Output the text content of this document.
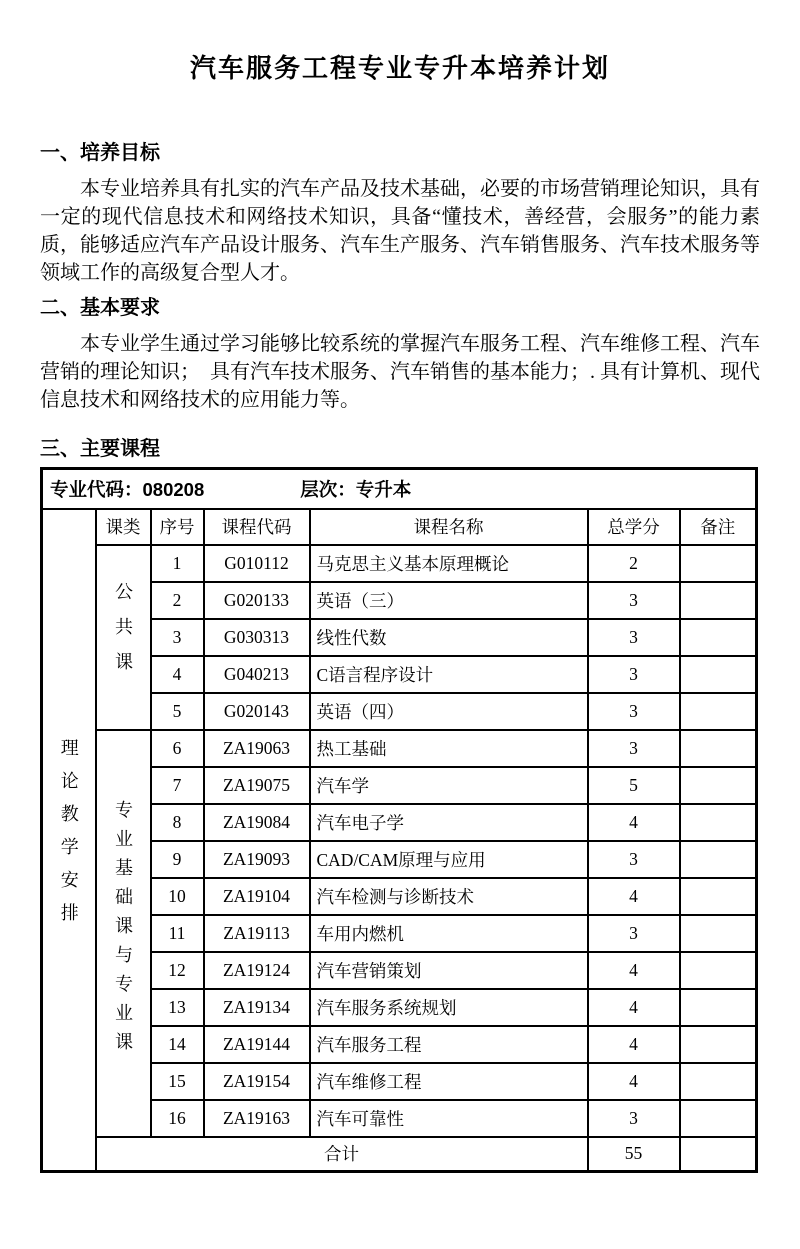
汽车服务工程专业专升本培养计划
一、培养目标

本专业培养具有扎实的汽车产品及技术基础，必要的市场营销理论知识，具有一定的现代信息技术和网络技术知识，具备“懂技术，善经营，会服务”的能力素质，能够适应汽车产品设计服务、汽车生产服务、汽车销售服务、汽车技术服务等领域工作的高级复合型人才。

二、基本要求

本专业学生通过学习能够比较系统的掌握汽车服务工程、汽车维修工程、汽车营销的理论知识；　具有汽车技术服务、汽车销售的基本能力；. 具有计算机、现代信息技术和网络技术的应用能力等。

三、主要课程
专业代码：080208 层次：专升本						
理论教学安排	课类	序号	课程代码	课程名称	总学分	备注
	公共课	1	G010112	马克思主义基本原理概论	2	
		2	G020133	英语（三）	3	
		3	G030313	线性代数	3	
		4	G040213	C语言程序设计	3	
		5	G020143	英语（四）	3	
	专业基础课与专业课	6	ZA19063	热工基础	3	
		7	ZA19075	汽车学	5	
		8	ZA19084	汽车电子学	4	
		9	ZA19093	CAD/CAM原理与应用	3	
		10	ZA19104	汽车检测与诊断技术	4	
		11	ZA19113	车用内燃机	3	
		12	ZA19124	汽车营销策划	4	
		13	ZA19134	汽车服务系统规划	4	
		14	ZA19144	汽车服务工程	4	
		15	ZA19154	汽车维修工程	4	
		16	ZA19163	汽车可靠性	3	
	合计				55	
